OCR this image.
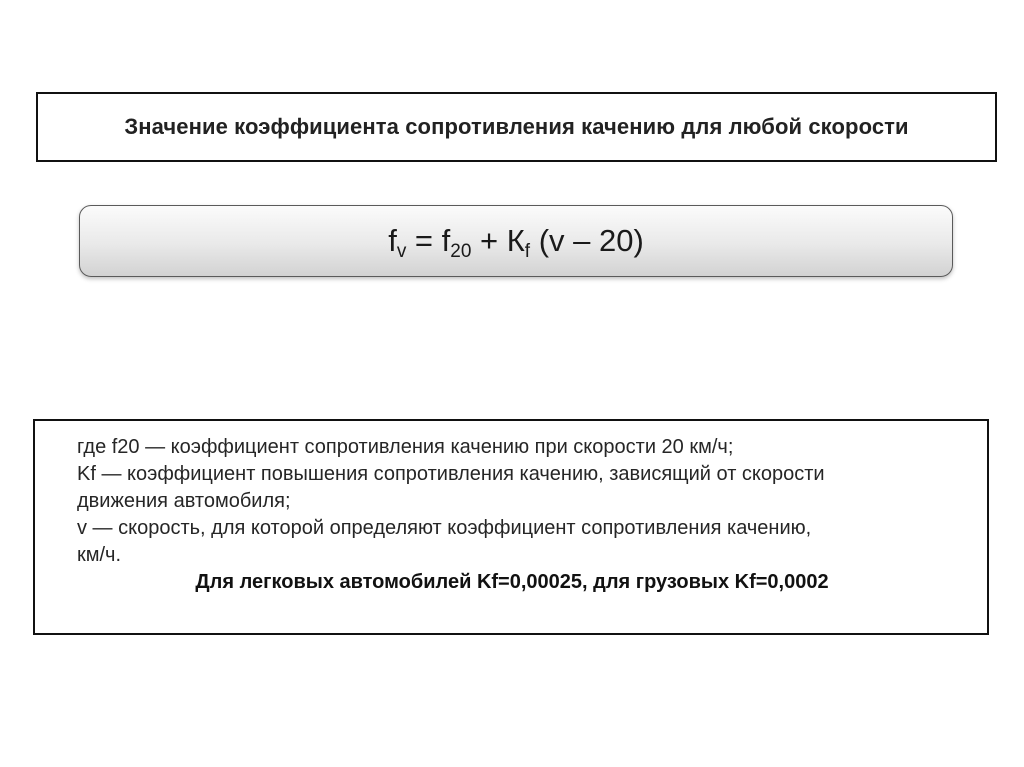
Значение коэффициента сопротивления качению для любой скорости
$f_v = f_{20} + К_f$ (v – 20)
где f20 — коэффициент сопротивления качению при скорости 20 км/ч;
Kf — коэффициент повышения сопротивления качению, зависящий от скорости
движения автомобиля;
v — скорость, для которой определяют коэффициент сопротивления качению,
км/ч.
Для легковых автомобилей Kf=0,00025, для грузовых Kf=0,0002
